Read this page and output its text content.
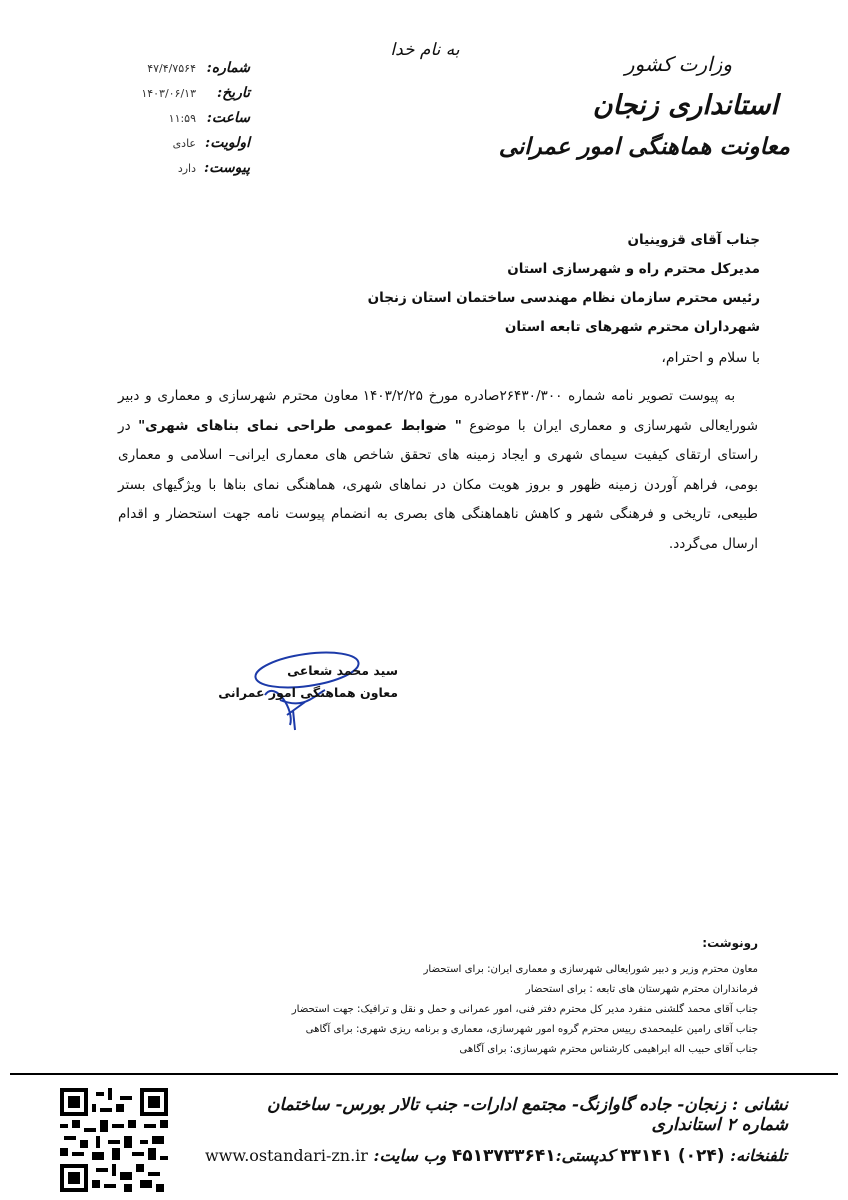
به نام خدا
وزارت کشور
استانداری زنجان
معاونت هماهنگی امور عمرانی
شماره:
۴۷/۴/۷۵۶۴
تاریخ:
۱۴۰۳/۰۶/۱۳
ساعت:
۱۱:۵۹
اولویت:
عادی
پیوست:
دارد
جناب آقای قزوینیان
مدیرکل محترم راه و شهرسازی استان
رئیس محترم سازمان نظام مهندسی ساختمان استان زنجان
شهرداران محترم شهرهای تابعه استان
با سلام و احترام،
به پیوست تصویر نامه شماره ۲۶۴۳۰/۳۰۰صادره مورخ ۱۴۰۳/۲/۲۵ معاون محترم شهرسازی و معماری و دبیر شورایعالی شهرسازی و معماری ایران با موضوع " ضوابط عمومی طراحی نمای بناهای شهری" در راستای ارتقای کیفیت سیمای شهری و ایجاد زمینه های تحقق شاخص های معماری ایرانی– اسلامی و معماری بومی، فراهم آوردن زمینه ظهور و بروز هویت مکان در نماهای شهری، هماهنگی نمای بناها با ویژگیهای بستر طبیعی، تاریخی و فرهنگی شهر و کاهش ناهماهنگی های بصری به انضمام پیوست نامه جهت استحضار و اقدام ارسال می‌گردد.
سید محمد شعاعی
معاون هماهنگی امور عمرانی
رونوشت:
معاون محترم وزیر و دبیر شورایعالی شهرسازی و معماری ایران: برای استحضار
فرمانداران محترم شهرستان های تابعه : برای استحضار
جناب آقای محمد گلشنی منفرد مدیر کل محترم دفتر فنی، امور عمرانی و حمل و نقل و ترافیک: جهت استحضار
جناب آقای رامین علیمحمدی رییس محترم گروه امور شهرسازی، معماری و برنامه ریزی شهری: برای آگاهی
جناب آقای حبیب اله ابراهیمی کارشناس محترم شهرسازی: برای آگاهی
نشانی : زنجان- جاده گاوازنگ- مجتمع ادارات- جنب تالار بورس- ساختمان شماره ۲ استانداری
www.ostandari-zn.ir وب سایت:	کدپستی:۴۵۱۳۷۳۳۶۴۱	تلفنخانه: (۰۲۴) ۳۳۱۴۱
